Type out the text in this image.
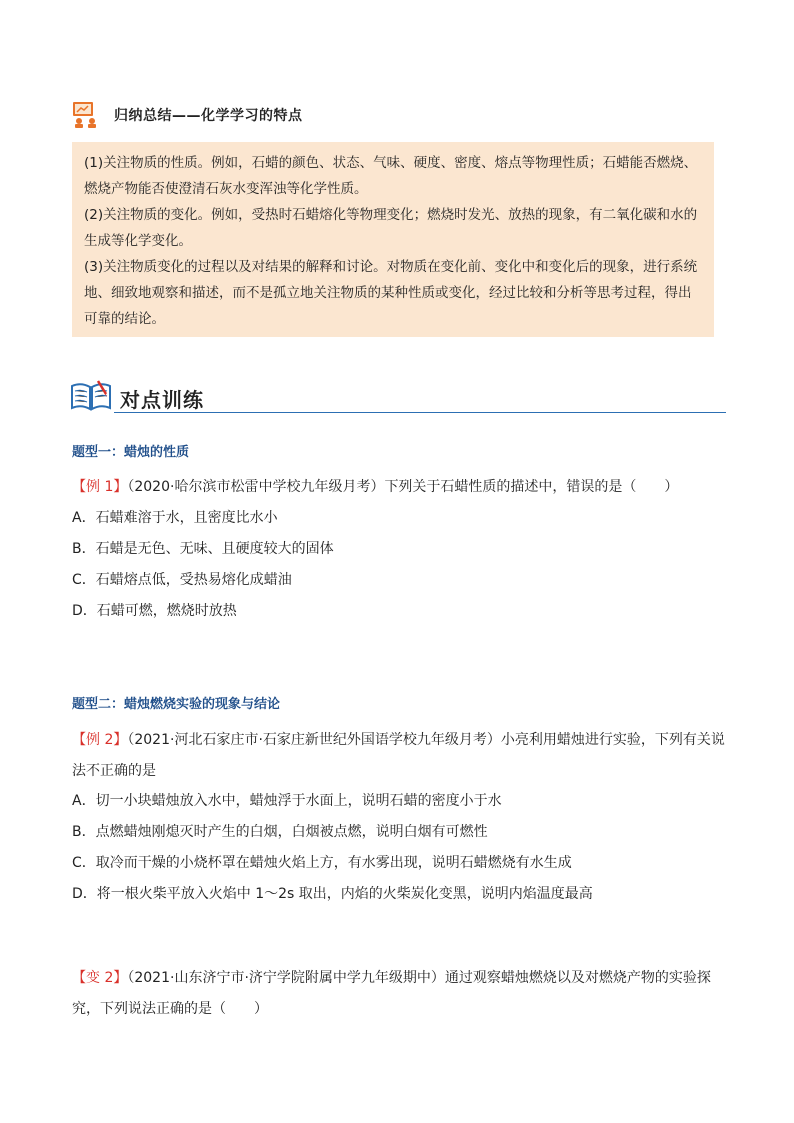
归纳总结——化学学习的特点

(1)关注物质的性质。例如，石蜡的颜色、状态、气味、硬度、密度、熔点等物理性质；石蜡能否燃烧、燃烧产物能否使澄清石灰水变浑浊等化学性质。

(2)关注物质的变化。例如，受热时石蜡熔化等物理变化；燃烧时发光、放热的现象，有二氧化碳和水的生成等化学变化。

(3)关注物质变化的过程以及对结果的解释和讨论。对物质在变化前、变化中和变化后的现象，进行系统地、细致地观察和描述，而不是孤立地关注物质的某种性质或变化，经过比较和分析等思考过程，得出可靠的结论。

对点训练
题型一：蜡烛的性质
【例 1】（2020·哈尔滨市松雷中学校九年级月考）下列关于石蜡性质的描述中，错误的是（　　）
A．石蜡难溶于水，且密度比水小
B．石蜡是无色、无味、且硬度较大的固体
C．石蜡熔点低，受热易熔化成蜡油
D．石蜡可燃，燃烧时放热
题型二：蜡烛燃烧实验的现象与结论
【例 2】（2021·河北石家庄市·石家庄新世纪外国语学校九年级月考）小亮利用蜡烛进行实验，下列有关说
法不正确的是
A．切一小块蜡烛放入水中，蜡烛浮于水面上，说明石蜡的密度小于水
B．点燃蜡烛刚熄灭时产生的白烟，白烟被点燃，说明白烟有可燃性
C．取冷而干燥的小烧杯罩在蜡烛火焰上方，有水雾出现，说明石蜡燃烧有水生成
D．将一根火柴平放入火焰中 1～2s 取出，内焰的火柴炭化变黑，说明内焰温度最高
【变 2】（2021·山东济宁市·济宁学院附属中学九年级期中）通过观察蜡烛燃烧以及对燃烧产物的实验探
究，下列说法正确的是（　　）
